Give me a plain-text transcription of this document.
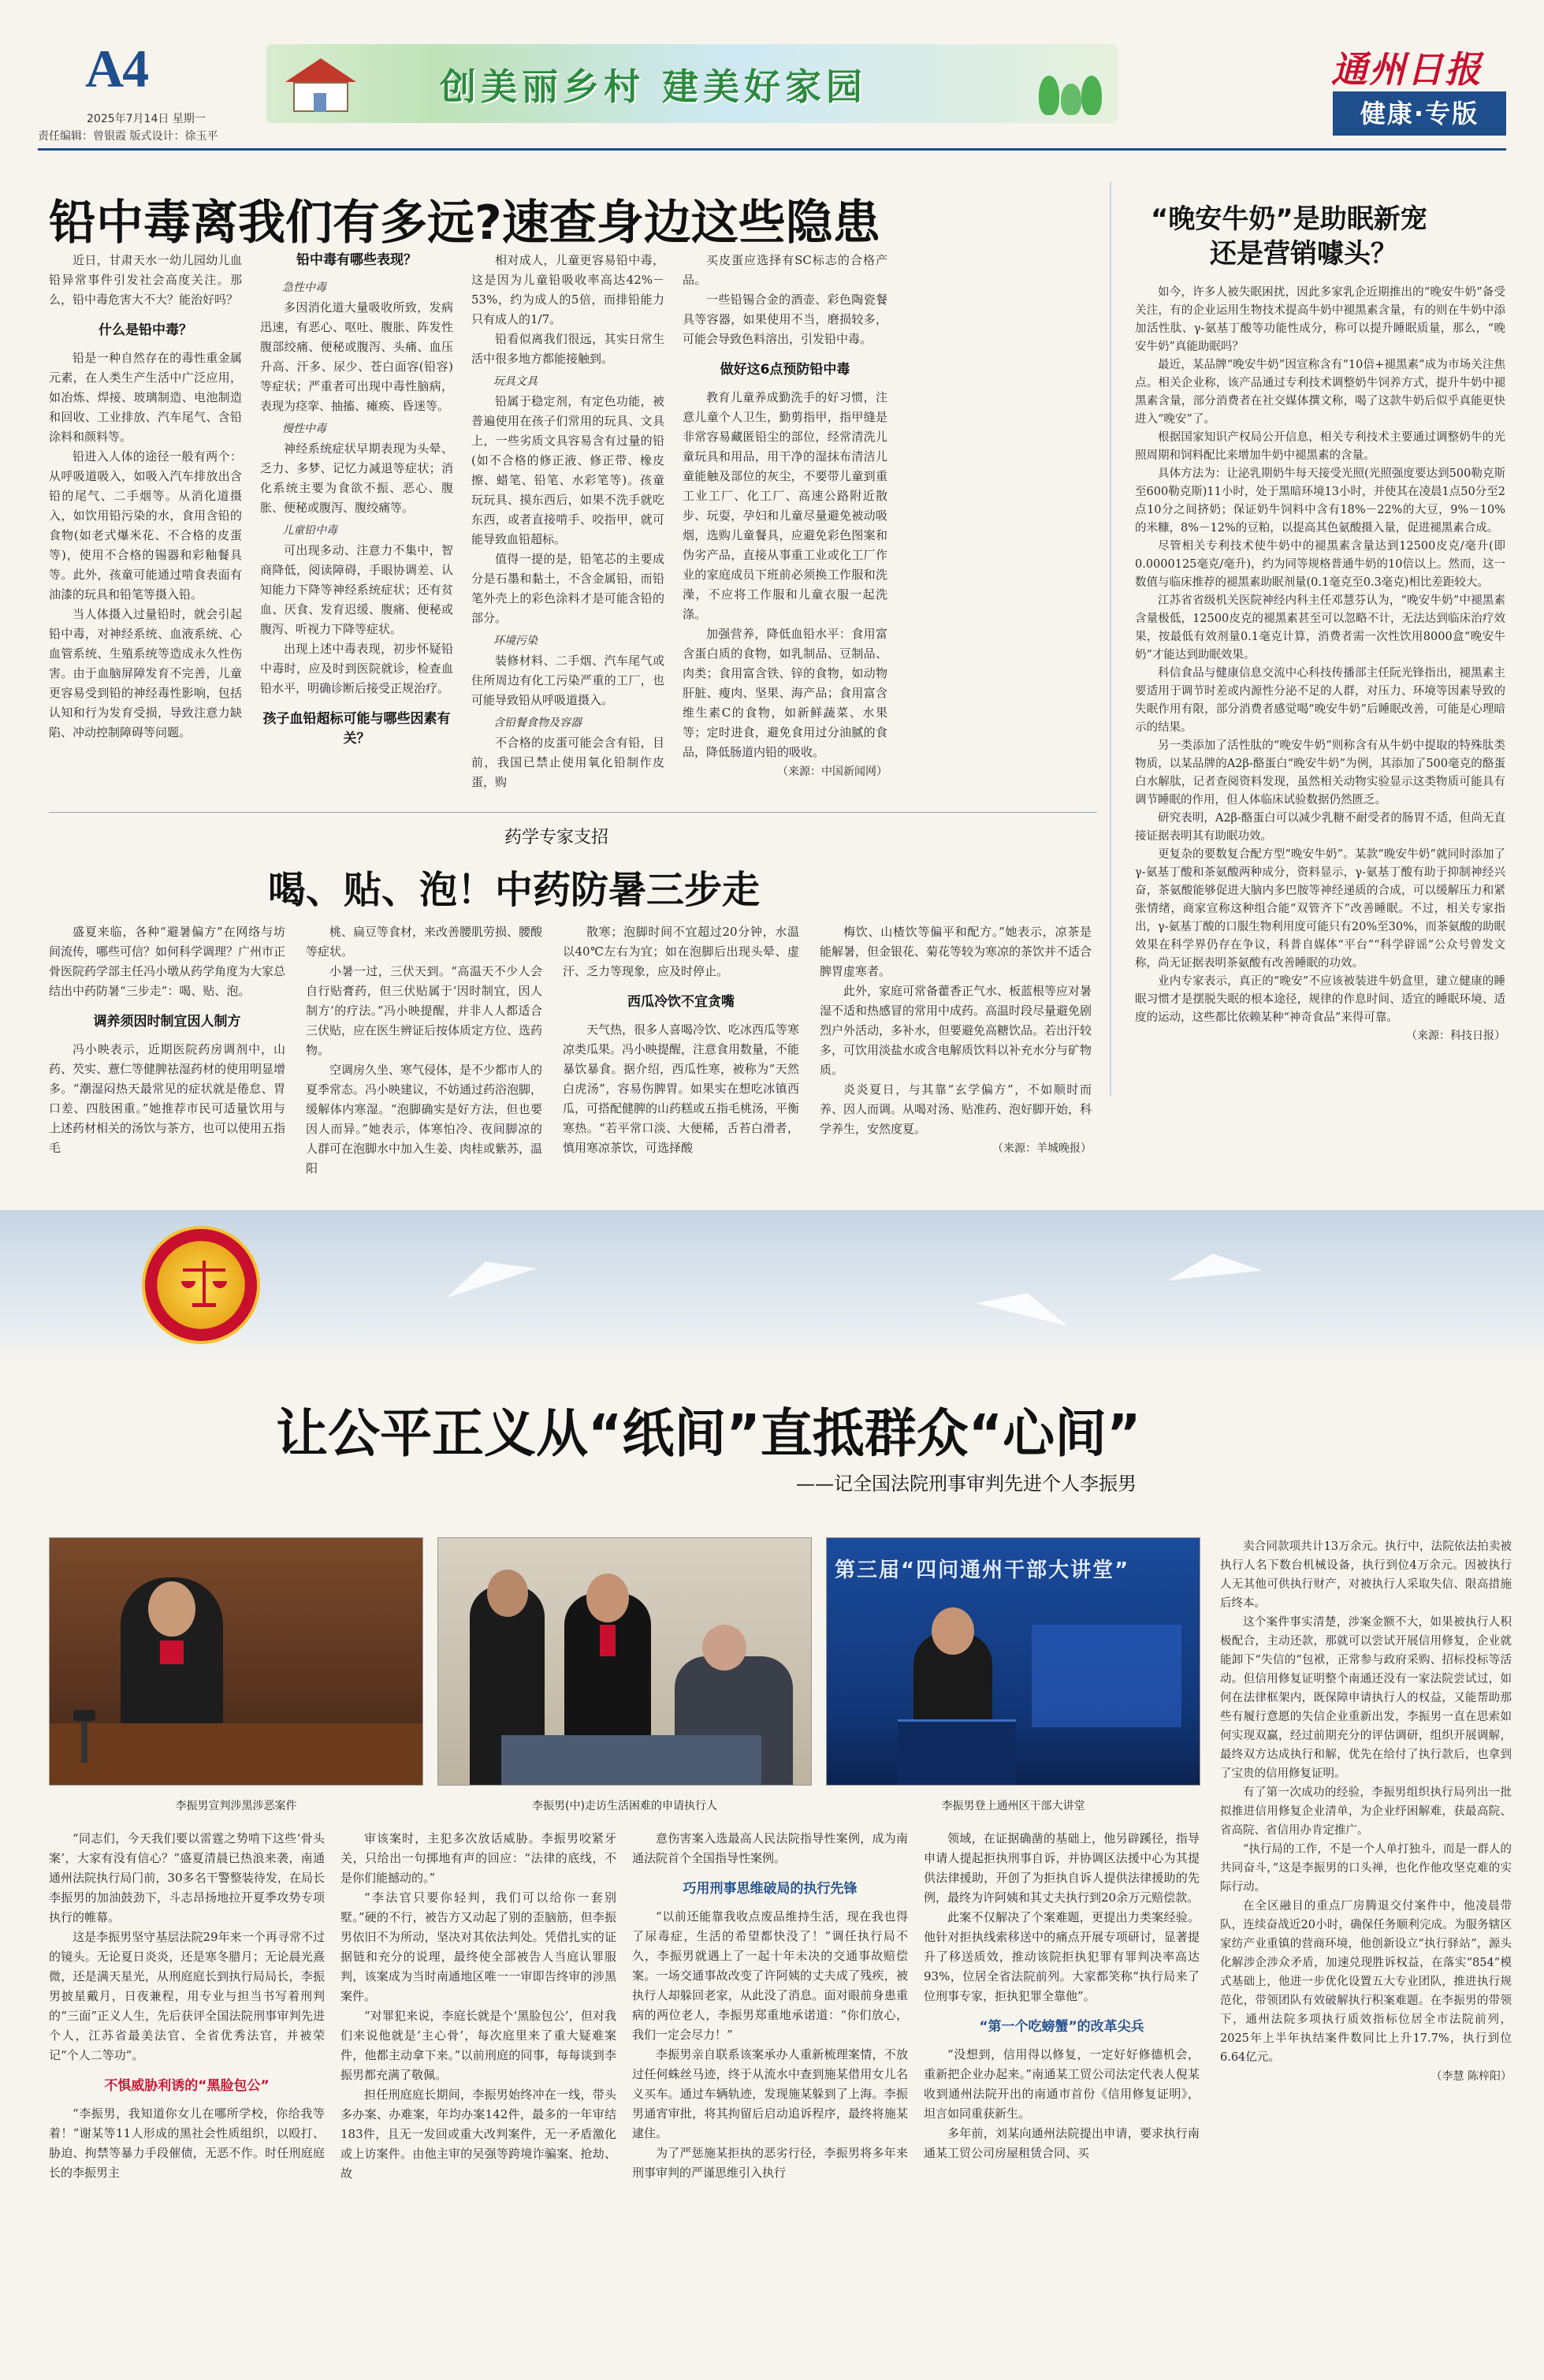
A4
2025年7月14日 星期一
责任编辑：曾银霞 版式设计：徐玉平
创美丽乡村 建美好家园	通州日报
健康·专版
铅中毒离我们有多远?速查身边这些隐患

近日，甘肃天水一幼儿园幼儿血铅异常事件引发社会高度关注。那么，铅中毒危害大不大？能治好吗？

什么是铅中毒？

铅是一种自然存在的毒性重金属元素，在人类生产生活中广泛应用，如冶炼、焊接、玻璃制造、电池制造和回收、工业排放、汽车尾气、含铅涂料和颜料等。

铅进入人体的途径一般有两个：从呼吸道吸入，如吸入汽车排放出含铅的尾气、二手烟等。从消化道摄入，如饮用铅污染的水，食用含铅的食物(如老式爆米花、不合格的皮蛋等)，使用不合格的锡器和彩釉餐具等。此外，孩童可能通过啃食表面有油漆的玩具和铅笔等摄入铅。

当人体摄入过量铅时，就会引起铅中毒，对神经系统、血液系统、心血管系统、生殖系统等造成永久性伤害。由于血脑屏障发育不完善，儿童更容易受到铅的神经毒性影响，包括认知和行为发育受损，导致注意力缺陷、冲动控制障碍等问题。

铅中毒有哪些表现？

急性中毒

多因消化道大量吸收所致，发病迅速，有恶心、呕吐、腹胀、阵发性腹部绞痛、便秘或腹泻、头痛、血压升高、汗多、尿少、苍白面容(铅容)等症状；严重者可出现中毒性脑病，表现为痉挛、抽搐、瘫痪、昏迷等。

慢性中毒

神经系统症状早期表现为头晕、乏力、多梦、记忆力减退等症状；消化系统主要为食欲不振、恶心、腹胀、便秘或腹泻、腹绞痛等。

儿童铅中毒

可出现多动、注意力不集中，智商降低，阅读障碍，手眼协调差、认知能力下降等神经系统症状；还有贫血、厌食、发育迟缓、腹痛、便秘或腹泻、听视力下降等症状。

出现上述中毒表现，初步怀疑铅中毒时，应及时到医院就诊，检查血铅水平，明确诊断后接受正规治疗。

孩子血铅超标可能与哪些因素有关？

相对成人，儿童更容易铅中毒，这是因为儿童铅吸收率高达42%－53%，约为成人的5倍，而排铅能力只有成人的1/7。

铅看似离我们很远，其实日常生活中很多地方都能接触到。

玩具文具

铅属于稳定剂，有定色功能，被普遍使用在孩子们常用的玩具、文具上，一些劣质文具容易含有过量的铅(如不合格的修正液、修正带、橡皮擦、蜡笔、铅笔、水彩笔等)。孩童玩玩具、摸东西后，如果不洗手就吃东西，或者直接啃手、咬指甲，就可能导致血铅超标。

值得一提的是，铅笔芯的主要成分是石墨和黏土，不含金属铅，而铅笔外壳上的彩色涂料才是可能含铅的部分。

环境污染

装修材料、二手烟、汽车尾气或住所周边有化工污染严重的工厂，也可能导致铅从呼吸道摄入。

含铅餐食物及容器

不合格的皮蛋可能会含有铅，目前，我国已禁止使用氧化铅制作皮蛋，购

买皮蛋应选择有SC标志的合格产品。

一些铅锡合金的酒壶、彩色陶瓷餐具等容器，如果使用不当，磨损较多，可能会导致色料溶出，引发铅中毒。

做好这6点预防铅中毒

教育儿童养成勤洗手的好习惯，注意儿童个人卫生，勤剪指甲，指甲缝是非常容易藏匿铅尘的部位，经常清洗儿童玩具和用品，用干净的湿抹布清洁儿童能触及部位的灰尘，不要带儿童到重工业工厂、化工厂、高速公路附近散步、玩耍，孕妇和儿童尽量避免被动吸烟，选购儿童餐具，应避免彩色图案和伪劣产品，直接从事重工业或化工厂作业的家庭成员下班前必须换工作服和洗澡，不应将工作服和儿童衣服一起洗涤。

加强营养，降低血铅水平：食用富含蛋白质的食物，如乳制品、豆制品、肉类；食用富含铁、锌的食物，如动物肝脏、瘦肉、坚果、海产品；食用富含维生素C的食物，如新鲜蔬菜、水果等；定时进食，避免食用过分油腻的食品，降低肠道内铅的吸收。

（来源：中国新闻网）

药学专家支招
喝、贴、泡！中药防暑三步走

盛夏来临，各种“避暑偏方”在网络与坊间流传，哪些可信？如何科学调理？广州市正骨医院药学部主任冯小墩从药学角度为大家总结出中药防暑“三步走”：喝、贴、泡。

调养须因时制宜因人制方

冯小映表示，近期医院药房调剂中，山药、芡实、薏仁等健脾祛湿药材的使用明显增多。“潮湿闷热天最常见的症状就是倦怠、胃口差、四肢困重。”她推荐市民可适量饮用与上述药材相关的汤饮与茶方，也可以使用五指毛

桃、扁豆等食材，来改善腰肌劳损、腰酸等症状。

小暑一过，三伏天到。“高温天不少人会自行贴膏药，但三伏贴属于‘因时制宜，因人制方’的疗法。”冯小映提醒，并非人人都适合三伏贴，应在医生辨证后按体质定方位、选药物。

空调房久坐、寒气侵体，是不少都市人的夏季常态。冯小映建议，不妨通过药浴泡脚，缓解体内寒湿。“泡脚确实是好方法，但也要因人而异。”她表示，体寒怕冷、夜间脚凉的人群可在泡脚水中加入生姜、肉桂或紫苏，温阳

散寒；泡脚时间不宜超过20分钟，水温以40℃左右为宜；如在泡脚后出现头晕、虚汗、乏力等现象，应及时停止。

西瓜冷饮不宜贪嘴

天气热，很多人喜喝冷饮、吃冰西瓜等寒凉类瓜果。冯小映提醒，注意食用数量，不能暴饮暴食。据介绍，西瓜性寒，被称为“天然白虎汤”，容易伤脾胃。如果实在想吃冰镇西瓜，可搭配健脾的山药糕或五指毛桃汤，平衡寒热。“若平常口淡、大便稀，舌苔白滑者，慎用寒凉茶饮，可选择酸

梅饮、山楂饮等偏平和配方。”她表示，凉茶是能解暑，但金银花、菊花等较为寒凉的茶饮并不适合脾胃虚寒者。

此外，家庭可常备藿香正气水、板蓝根等应对暑湿不适和热感冒的常用中成药。高温时段尽量避免剧烈户外活动，多补水，但要避免高糖饮品。若出汗较多，可饮用淡盐水或含电解质饮料以补充水分与矿物质。

炎炎夏日，与其靠“玄学偏方”，不如顺时而养、因人而调。从喝对汤、贴准药、泡好脚开始，科学养生，安然度夏。

（来源：羊城晚报）

“晚安牛奶”是助眠新宠
还是营销噱头？

如今，许多人被失眠困扰，因此多家乳企近期推出的“晚安牛奶”备受关注，有的企业运用生物技术提高牛奶中褪黑素含量，有的则在牛奶中添加活性肽、γ-氨基丁酸等功能性成分，称可以提升睡眠质量，那么，“晚安牛奶”真能助眠吗？

最近，某品牌“晚安牛奶”因宣称含有“10倍+褪黑素”成为市场关注焦点。相关企业称，该产品通过专利技术调整奶牛饲养方式，提升牛奶中褪黑素含量，部分消费者在社交媒体撰文称，喝了这款牛奶后似乎真能更快进入“晚安”了。

根据国家知识产权局公开信息，相关专利技术主要通过调整奶牛的光照周期和饲料配比来增加牛奶中褪黑素的含量。

具体方法为：让泌乳期奶牛每天接受光照(光照强度要达到500勒克斯至600勒克斯)11小时，处于黑暗环境13小时，并使其在凌晨1点50分至2点10分之间挤奶；保证奶牛饲料中含有18%－22%的大豆，9%－10%的米糠，8%－12%的豆粕，以提高其色氨酸摄入量，促进褪黑素合成。

尽管相关专利技术使牛奶中的褪黑素含量达到12500皮克/毫升(即0.0000125毫克/毫升)，约为同等规格普通牛奶的10倍以上。然而，这一数值与临床推荐的褪黑素助眠剂量(0.1毫克至0.3毫克)相比差距较大。

江苏省省级机关医院神经内科主任邓慧芬认为，“晚安牛奶”中褪黑素含量极低，12500皮克的褪黑素甚至可以忽略不计，无法达到临床治疗效果，按最低有效剂量0.1毫克计算，消费者需一次性饮用8000盒“晚安牛奶”才能达到助眠效果。

科信食品与健康信息交流中心科技传播部主任阮光锋指出，褪黑素主要适用于调节时差或内源性分泌不足的人群，对压力、环境等因素导致的失眠作用有限，部分消费者感觉喝“晚安牛奶”后睡眠改善，可能是心理暗示的结果。

另一类添加了活性肽的“晚安牛奶”则称含有从牛奶中提取的特殊肽类物质，以某品牌的A2β-酪蛋白“晚安牛奶”为例，其添加了500毫克的酪蛋白水解肽，记者查阅资料发现，虽然相关动物实验显示这类物质可能具有调节睡眠的作用，但人体临床试验数据仍然匮乏。

研究表明，A2β-酪蛋白可以减少乳糖不耐受者的肠胃不适，但尚无直接证据表明其有助眠功效。

更复杂的要数复合配方型“晚安牛奶”。某款“晚安牛奶”就同时添加了γ-氨基丁酸和茶氨酸两种成分，资料显示，γ-氨基丁酸有助于抑制神经兴奋，茶氨酸能够促进大脑内多巴胺等神经递质的合成，可以缓解压力和紧张情绪，商家宣称这种组合能“双管齐下”改善睡眠。不过，相关专家指出，γ-氨基丁酸的口服生物利用度可能只有20%至30%，而茶氨酸的助眠效果在科学界仍存在争议，科普自媒体“平台”“科学辟谣”公众号曾发文称，尚无证据表明茶氨酸有改善睡眠的功效。

业内专家表示，真正的“晚安”不应该被装进牛奶盒里，建立健康的睡眠习惯才是摆脱失眠的根本途径，规律的作息时间、适宜的睡眠环境、适度的运动，这些都比依赖某种“神奇食品”来得可靠。

（来源：科技日报）

让公平正义从“纸间”直抵群众“心间”
——记全国法院刑事审判先进个人李振男
李振男宣判涉黑涉恶案件	李振男(中)走访生活困难的申请执行人
第三届“四问通州干部大讲堂”
李振男登上通州区干部大讲堂

卖合同款项共计13万余元。执行中，法院依法拍卖被执行人名下数台机械设备，执行到位4万余元。因被执行人无其他可供执行财产，对被执行人采取失信、限高措施后终本。

这个案件事实清楚，涉案金额不大，如果被执行人积极配合，主动还款，那就可以尝试开展信用修复，企业就能卸下“失信的”包袱，正常参与政府采购、招标投标等活动。但信用修复证明整个南通还没有一家法院尝试过，如何在法律框架内，既保障申请执行人的权益，又能帮助那些有履行意愿的失信企业重新出发，李振男一直在思索如何实现双赢，经过前期充分的评估调研，组织开展调解，最终双方达成执行和解，优先在给付了执行款后，也拿到了宝贵的信用修复证明。

有了第一次成功的经验，李振男组织执行局列出一批拟推进信用修复企业清单，为企业纾困解难，获最高院、省高院、省信用办肯定推广。

“执行局的工作，不是一个人单打独斗，而是一群人的共同奋斗，”这是李振男的口头禅，也化作他攻坚克难的实际行动。

在全区融目的重点厂房腾退交付案件中，他凌晨带队，连续奋战近20小时，确保任务顺利完成。为服务辖区家纺产业重镇的营商环境，他创新设立“执行驿站”，源头化解涉企涉众矛盾，加速兑现胜诉权益，在落实“854”模式基础上，他进一步优化设置五大专业团队，推进执行规范化，带领团队有效破解执行积案难题。在李振男的带领下，通州法院多项执行质效指标位居全市法院前列，2025年上半年执结案件数同比上升17.7%，执行到位6.64亿元。

（李慧 陈梓阳）

“同志们，今天我们要以雷霆之势啃下这些‘骨头案’，大家有没有信心？”盛夏清晨已热浪来袭，南通通州法院执行局门前，30多名干警整装待发，在局长李振男的加油鼓劲下，斗志昂扬地拉开夏季攻势专项执行的帷幕。

这是李振男坚守基层法院29年来一个再寻常不过的镜头。无论夏日炎炎，还是寒冬腊月；无论晨光熹微，还是满天星光，从刑庭庭长到执行局局长，李振男披星戴月，日夜兼程，用专业与担当书写着刑判的“三面”正义人生，先后获评全国法院刑事审判先进个人，江苏省最美法官、全省优秀法官，并被荣记“个人二等功”。

不惧威胁利诱的“黑脸包公”

“李振男，我知道你女儿在哪所学校，你给我等着！”谢某等11人形成的黑社会性质组织，以殴打、胁迫、拘禁等暴力手段催债，无恶不作。时任刑庭庭长的李振男主

审该案时，主犯多次放话威胁。李振男咬紧牙关，只给出一句掷地有声的回应：“法律的底线，不是你们能撼动的。”

“李法官只要你轻判，我们可以给你一套别墅。”硬的不行，被告方又动起了别的歪脑筋，但李振男依旧不为所动，坚决对其依法判处。凭借扎实的证据链和充分的说理，最终使全部被告人当庭认罪服判，该案成为当时南通地区唯一一审即告终审的涉黑案件。

“对罪犯来说，李庭长就是个‘黑脸包公’，但对我们来说他就是‘主心骨’，每次庭里来了重大疑难案件，他都主动拿下来。”以前刑庭的同事，每每谈到李振男都充满了敬佩。

担任刑庭庭长期间，李振男始终冲在一线，带头多办案、办难案，年均办案142件，最多的一年审结183件，且无一发回或重大改判案件，无一矛盾激化或上访案件。由他主审的吴强等跨境诈骗案、抢劫、故

意伤害案入选最高人民法院指导性案例，成为南通法院首个全国指导性案例。

巧用刑事思维破局的执行先锋

“以前还能靠我收点废品维持生活，现在我也得了尿毒症，生活的希望都快没了！”调任执行局不久，李振男就遇上了一起十年未决的交通事故赔偿案。一场交通事故改变了许阿姨的丈夫成了残疾，被执行人却躲回老家，从此没了消息。面对眼前身患重病的两位老人，李振男郑重地承诺道：“你们放心，我们一定会尽力！”

李振男亲自联系该案承办人重新梳理案情，不放过任何蛛丝马迹，终于从流水中查到施某借用女儿名义买车。通过车辆轨迹，发现施某躲到了上海。李振男通宵审批，将其拘留后启动追诉程序，最终将施某逮住。

为了严惩施某拒执的恶劣行径，李振男将多年来刑事审判的严谨思维引入执行

领域，在证据确凿的基础上，他另辟蹊径，指导申请人提起拒执刑事自诉，并协调区法援中心为其提供法律援助，开创了为拒执自诉人提供法律援助的先例，最终为许阿姨和其丈夫执行到20余万元赔偿款。

此案不仅解决了个案难题，更提出力类案经验。他针对拒执线索移送中的痛点开展专项研讨，显著提升了移送质效，推动该院拒执犯罪有罪判决率高达93%，位居全省法院前列。大家都笑称“执行局来了位刑事专家，拒执犯罪全靠他”。

“第一个吃螃蟹”的改革尖兵

“没想到，信用得以修复，一定好好修德机会，重新把企业办起来。”南通某工贸公司法定代表人倪某收到通州法院开出的南通市首份《信用修复证明》，坦言如同重获新生。

多年前，刘某向通州法院提出申请，要求执行南通某工贸公司房屋租赁合同、买
